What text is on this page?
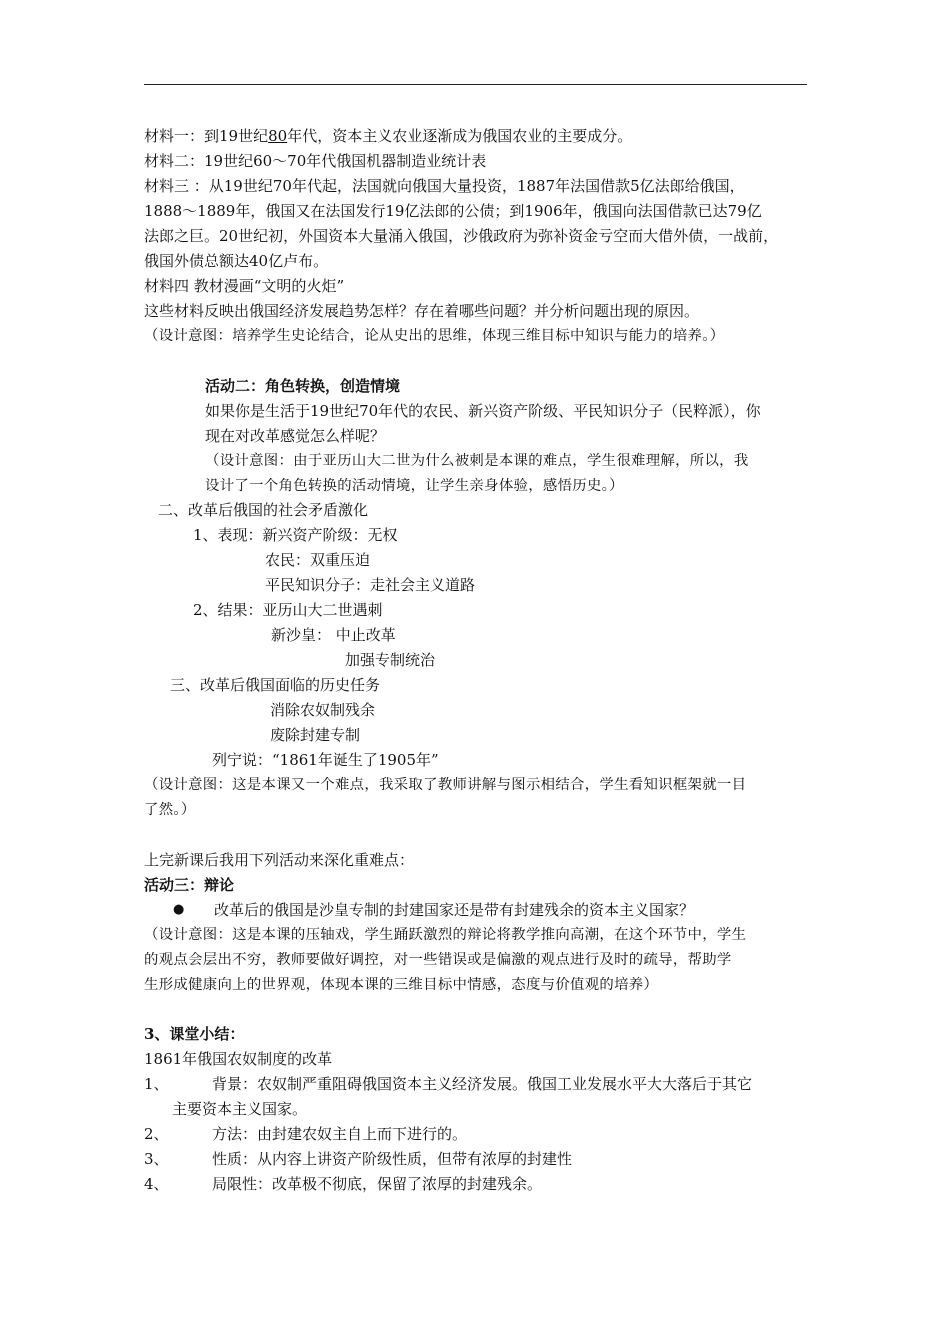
材料一：到19世纪80年代，资本主义农业逐渐成为俄国农业的主要成分。
材料二：19世纪60～70年代俄国机器制造业统计表
材料三 ：从19世纪70年代起，法国就向俄国大量投资，1887年法国借款5亿法郎给俄国，
1888～1889年，俄国又在法国发行19亿法郎的公债；到1906年，俄国向法国借款已达79亿
法郎之巨。20世纪初，外国资本大量涌入俄国，沙俄政府为弥补资金亏空而大借外债，一战前，
俄国外债总额达40亿卢布。
材料四 教材漫画“文明的火炬”
这些材料反映出俄国经济发展趋势怎样？存在着哪些问题？并分析问题出现的原因。
（设计意图：培养学生史论结合，论从史出的思维，体现三维目标中知识与能力的培养。）
活动二：角色转换，创造情境
如果你是生活于19世纪70年代的农民、新兴资产阶级、平民知识分子（民粹派），你
现在对改革感觉怎么样呢？
（设计意图：由于亚历山大二世为什么被刺是本课的难点，学生很难理解，所以，我
设计了一个角色转换的活动情境，让学生亲身体验，感悟历史。）
二、改革后俄国的社会矛盾激化
1、表现：新兴资产阶级：无权
农民：双重压迫
平民知识分子：走社会主义道路
2、结果：亚历山大二世遇刺
新沙皇： 中止改革
加强专制统治
三、改革后俄国面临的历史任务
消除农奴制残余
废除封建专制
列宁说：“1861年诞生了1905年”
（设计意图：这是本课又一个难点，我采取了教师讲解与图示相结合，学生看知识框架就一目
了然。）
上完新课后我用下列活动来深化重难点：
活动三：辩论
● 改革后的俄国是沙皇专制的封建国家还是带有封建残余的资本主义国家？
（设计意图：这是本课的压轴戏，学生踊跃激烈的辩论将教学推向高潮，在这个环节中，学生
的观点会层出不穷，教师要做好调控，对一些错误或是偏激的观点进行及时的疏导，帮助学
生形成健康向上的世界观，体现本课的三维目标中情感，态度与价值观的培养）
3、课堂小结：
1861年俄国农奴制度的改革
1、	背景：农奴制严重阻碍俄国资本主义经济发展。俄国工业发展水平大大落后于其它
主要资本主义国家。
2、	方法：由封建农奴主自上而下进行的。
3、	性质：从内容上讲资产阶级性质，但带有浓厚的封建性
4、	局限性：改革极不彻底，保留了浓厚的封建残余。
